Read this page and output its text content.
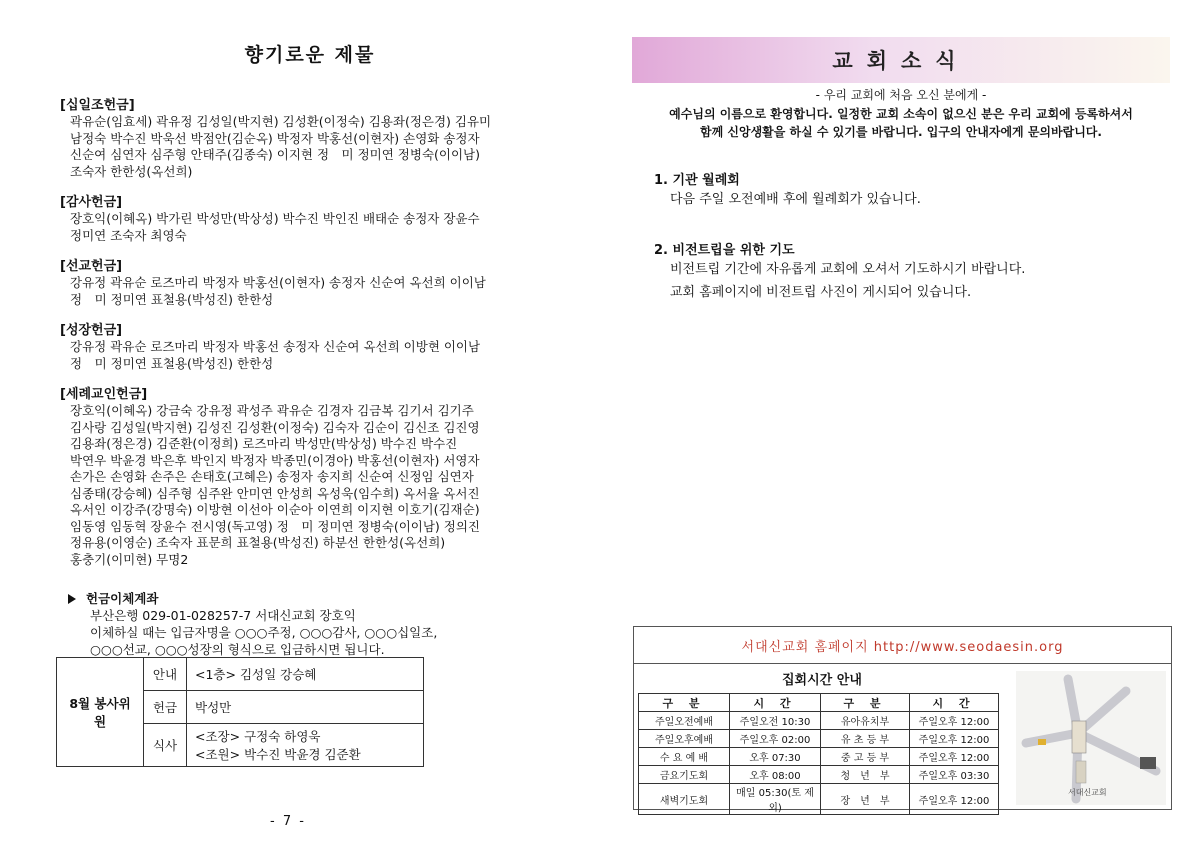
향기로운 제물
[십일조헌금]
곽유순(임효세) 곽유정 김성일(박지현) 김성환(이정숙) 김용좌(정은경) 김유미
남정숙 박수진 박욱선 박점안(김순옥) 박정자 박홍선(이현자) 손영화 송정자
신순여 심연자 심주형 안태주(김종숙) 이지현 정　미 정미연 정병숙(이이남)
조숙자 한한성(옥선희)
[감사헌금]
장호익(이혜옥) 박가린 박성만(박상성) 박수진 박인진 배태순 송정자 장윤수
정미연 조숙자 최영숙
[선교헌금]
강유정 곽유순 로즈마리 박정자 박홍선(이현자) 송정자 신순여 옥선희 이이남
정　미 정미연 표철용(박성진) 한한성
[성장헌금]
강유정 곽유순 로즈마리 박정자 박홍선 송정자 신순여 옥선희 이방현 이이남
정　미 정미연 표철용(박성진) 한한성
[세례교인헌금]
장호익(이혜옥) 강금숙 강유정 곽성주 곽유순 김경자 김금복 김기서 김기주
김사랑 김성일(박지현) 김성진 김성환(이정숙) 김숙자 김순이 김신조 김진영
김용좌(정은경) 김준환(이정희) 로즈마리 박성만(박상성) 박수진 박수진
박연우 박윤경 박은후 박인지 박정자 박종민(이경아) 박홍선(이현자) 서영자
손가은 손영화 손주은 손태호(고혜은) 송정자 송지희 신순여 신정임 심연자
심종태(강승혜) 심주형 심주완 안미연 안성희 옥성욱(임수희) 옥서율 옥서진
옥서인 이강주(강명숙) 이방현 이선아 이순아 이연희 이지현 이호기(김재순)
임동영 임동혁 장윤수 전시영(독고영) 정　미 정미연 정병숙(이이남) 정의진
정유용(이영순) 조숙자 표문희 표철용(박성진) 하분선 한한성(옥선희)
홍충기(이미현) 무명2
헌금이체계좌
부산은행 029-01-028257-7 서대신교회 장호익
이체하실 때는 입금자명을 ○○○주정, ○○○감사, ○○○십일조,
○○○선교, ○○○성장의 형식으로 입금하시면 됩니다.
8월 봉사위원	안내	<1층> 김성일 강승혜
	헌금	박성만
	식사	<조장> 구정숙 하영욱
<조원> 박수진 박윤경 김준환
- 7 -
교회소식
- 우리 교회에 처음 오신 분에게 -
예수님의 이름으로 환영합니다. 일정한 교회 소속이 없으신 분은 우리 교회에 등록하셔서
함께 신앙생활을 하실 수 있기를 바랍니다. 입구의 안내자에게 문의바랍니다.
1. 기관 월례회
다음 주일 오전예배 후에 월례회가 있습니다.
2. 비전트립을 위한 기도
비전트립 기간에 자유롭게 교회에 오셔서 기도하시기 바랍니다.
교회 홈페이지에 비전트립 사진이 게시되어 있습니다.
서대신교회 홈페이지 http://www.seodaesin.org
집회시간 안내
구 분	시 간	구 분	시 간
주일오전예배	주일오전 10:30	유아유치부	주일오후 12:00
주일오후예배	주일오후 02:00	유 초 등 부	주일오후 12:00
수 요 예 배	오후 07:30	중 고 등 부	주일오후 12:00
금요기도회	오후 08:00	청　년　부	주일오후 03:30
새벽기도회	매일 05:30(토 제외)	장　년　부	주일오후 12:00
서대신교회
